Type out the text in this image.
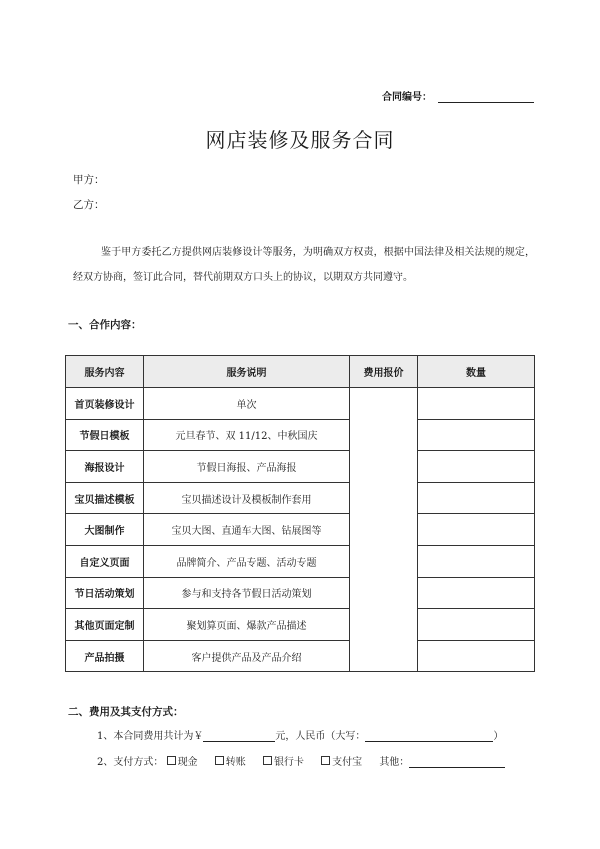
合同编号：
网店装修及服务合同
甲方：
乙方：
鉴于甲方委托乙方提供网店装修设计等服务，为明确双方权责，根据中国法律及相关法规的规定，经双方协商，签订此合同，替代前期双方口头上的协议，以期双方共同遵守。
一、合作内容：
服务内容	服务说明	费用报价	数量
首页装修设计	单次		
节假日模板	元旦春节、双 11/12、中秋国庆		
海报设计	节假日海报、产品海报		
宝贝描述模板	宝贝描述设计及模板制作套用		
大图制作	宝贝大图、直通车大图、钻展图等		
自定义页面	品牌简介、产品专题、活动专题		
节日活动策划	参与和支持各节假日活动策划		
其他页面定制	聚划算页面、爆款产品描述		
产品拍摄	客户提供产品及产品介绍		
二、费用及其支付方式：
1、本合同费用共计为￥	元，人民币（大写：	）
2、支付方式： 现金	转账	银行卡	支付宝 其他：
